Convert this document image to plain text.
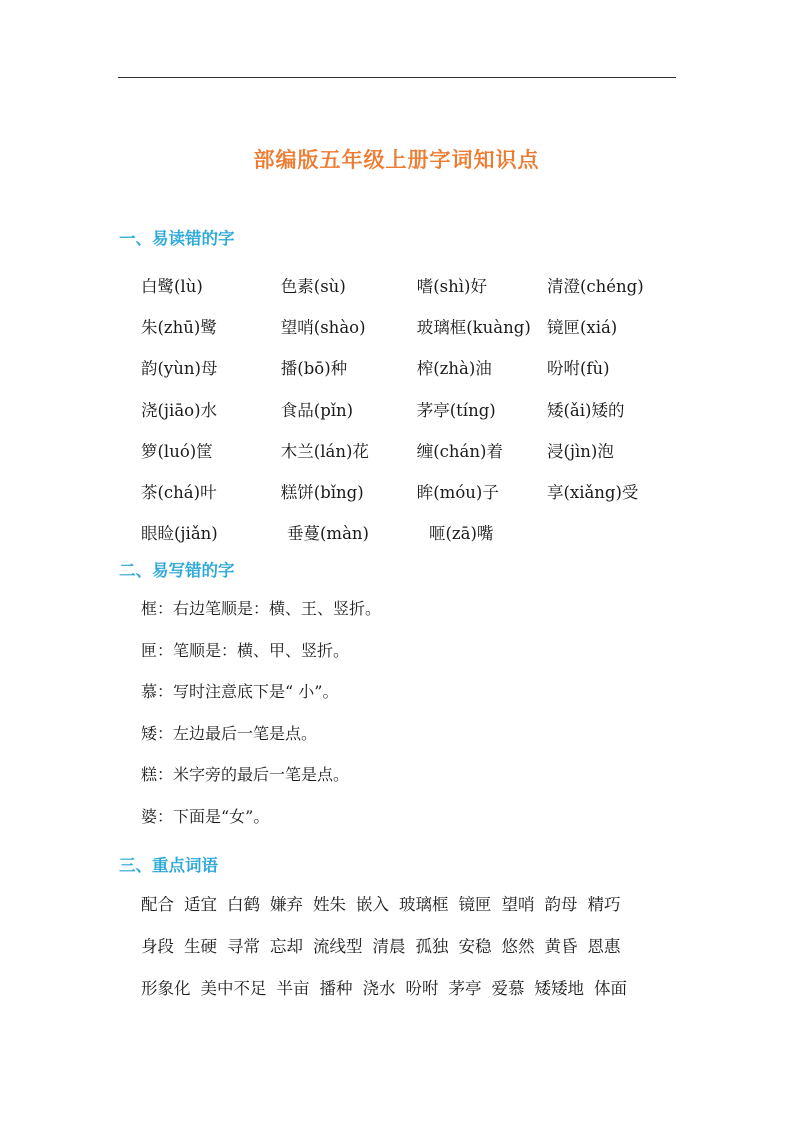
部编版五年级上册字词知识点
一、易读错的字
白鹭(lù)	色素(sù)	嗜(shì)好	清澄(chéng)
朱(zhū)鹭	望哨(shào)	玻璃框(kuàng) 镜匣(xiá)
韵(yùn)母	播(bō)种	榨(zhà)油	吩咐(fù)
浇(jiāo)水	食品(pǐn)	茅亭(tíng)	矮(ǎi)矮的
箩(luó)筐	木兰(lán)花	缠(chán)着	浸(jìn)泡
茶(chá)叶	糕饼(bǐng)	眸(móu)子	享(xiǎng)受
眼睑(jiǎn)	垂蔓(màn)	咂(zā)嘴
二、易写错的字
框：右边笔顺是：横、王、竖折。
匣：笔顺是：横、甲、竖折。
慕：写时注意底下是“ 小”。
矮：左边最后一笔是点。
糕：米字旁的最后一笔是点。
婆：下面是“女”。
三、重点词语
配合 适宜 白鹤 嫌弃 姓朱 嵌入 玻璃框 镜匣 望哨 韵母 精巧
身段 生硬 寻常 忘却 流线型 清晨 孤独 安稳 悠然 黄昏 恩惠
形象化 美中不足 半亩 播种 浇水 吩咐 茅亭 爱慕 矮矮地 体面
